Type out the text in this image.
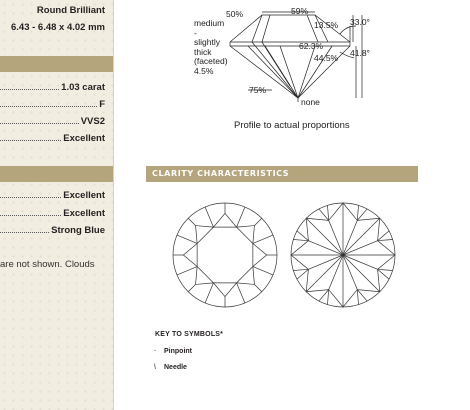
Round Brilliant
6.43 - 6.48 x 4.02 mm
1.03 carat
F
VVS2
Excellent
Excellent
Excellent
Strong Blue
are not shown. Clouds
50%	59%
13.5% 33.0°
medium
-
slightly
thick
(faceted)
4.5%
62.3%
44.5% 41.8°
75%
none
Profile to actual proportions
CLARITY CHARACTERISTICS
KEY TO SYMBOLS*
· Pinpoint
\ Needle
